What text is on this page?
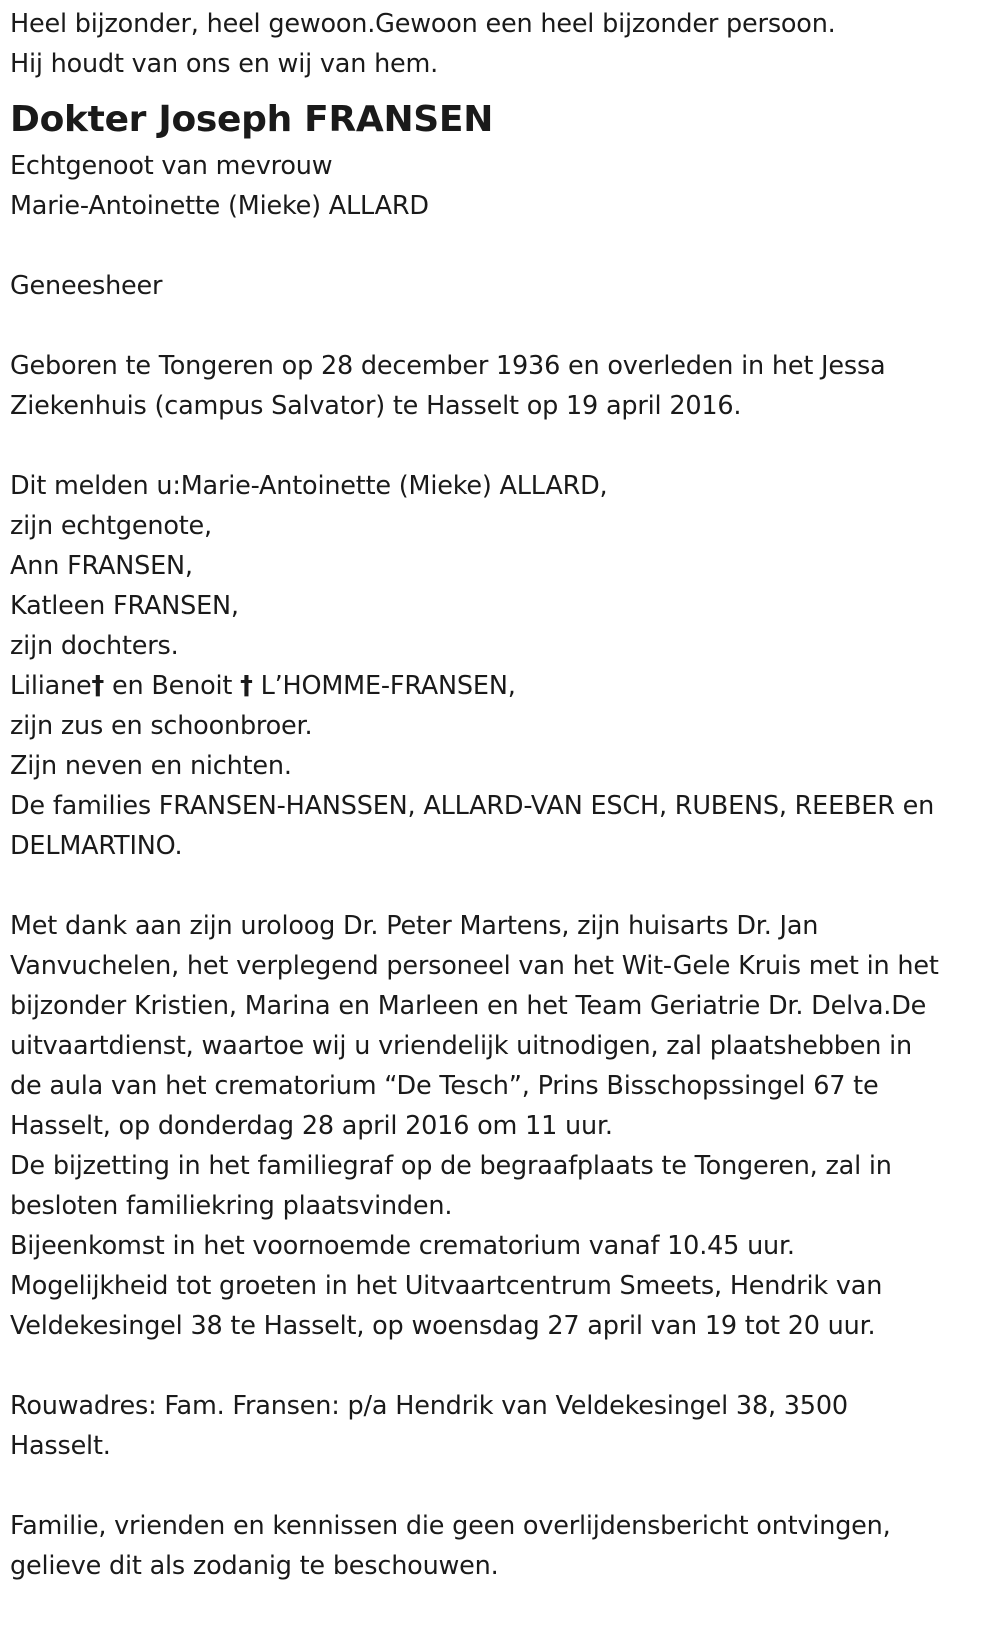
Heel bijzonder, heel gewoon.Gewoon een heel bijzonder persoon.
Hij houdt van ons en wij van hem.
Dokter Joseph FRANSEN
Echtgenoot van mevrouw
Marie-Antoinette (Mieke) ALLARD
Geneesheer
Geboren te Tongeren op 28 december 1936 en overleden in het Jessa
Ziekenhuis (campus Salvator) te Hasselt op 19 april 2016.
Dit melden u:Marie-Antoinette (Mieke) ALLARD,
zijn echtgenote,
Ann FRANSEN,
Katleen FRANSEN,
zijn dochters.
Liliane† en Benoit † L’HOMME-FRANSEN,
zijn zus en schoonbroer.
Zijn neven en nichten.
De families FRANSEN-HANSSEN, ALLARD-VAN ESCH, RUBENS, REEBER en
DELMARTINO.
Met dank aan zijn uroloog Dr. Peter Martens, zijn huisarts Dr. Jan
Vanvuchelen, het verplegend personeel van het Wit-Gele Kruis met in het
bijzonder Kristien, Marina en Marleen en het Team Geriatrie Dr. Delva.De
uitvaartdienst, waartoe wij u vriendelijk uitnodigen, zal plaatshebben in
de aula van het crematorium “De Tesch”, Prins Bisschopssingel 67 te
Hasselt, op donderdag 28 april 2016 om 11 uur.
De bijzetting in het familiegraf op de begraafplaats te Tongeren, zal in
besloten familiekring plaatsvinden.
Bijeenkomst in het voornoemde crematorium vanaf 10.45 uur.
Mogelijkheid tot groeten in het Uitvaartcentrum Smeets, Hendrik van
Veldekesingel 38 te Hasselt, op woensdag 27 april van 19 tot 20 uur.
Rouwadres: Fam. Fransen: p/a Hendrik van Veldekesingel 38, 3500
Hasselt.
Familie, vrienden en kennissen die geen overlijdensbericht ontvingen,
gelieve dit als zodanig te beschouwen.
